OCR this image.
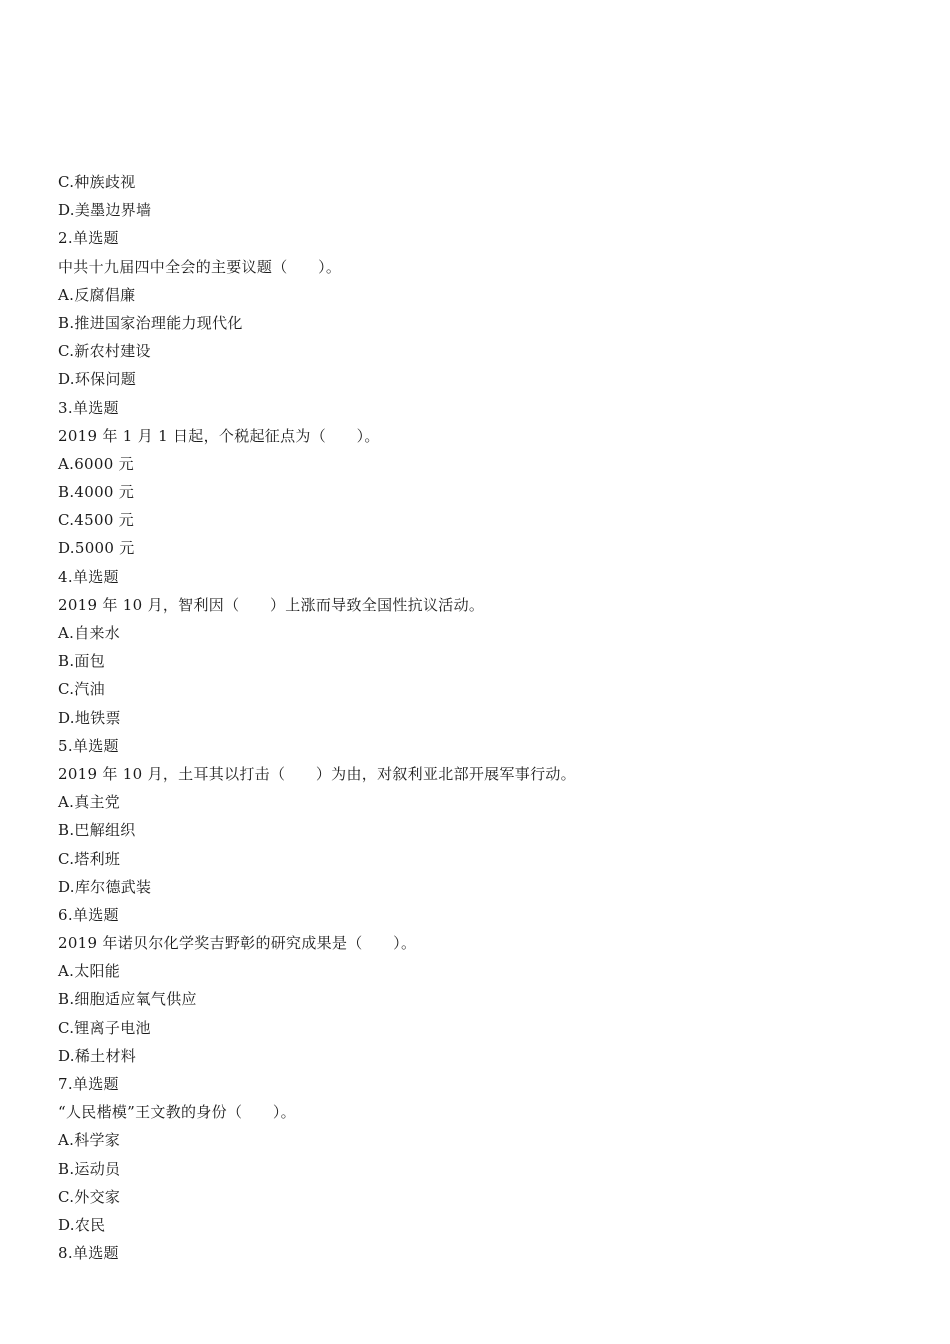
C.种族歧视
D.美墨边界墙
2.单选题
中共十九届四中全会的主要议题（　　）。
A.反腐倡廉
B.推进国家治理能力现代化
C.新农村建设
D.环保问题
3.单选题
2019 年 1 月 1 日起，个税起征点为（　　）。
A.6000 元
B.4000 元
C.4500 元
D.5000 元
4.单选题
2019 年 10 月，智利因（　　）上涨而导致全国性抗议活动。
A.自来水
B.面包
C.汽油
D.地铁票
5.单选题
2019 年 10 月，土耳其以打击（　　）为由，对叙利亚北部开展军事行动。
A.真主党
B.巴解组织
C.塔利班
D.库尔德武装
6.单选题
2019 年诺贝尔化学奖吉野彰的研究成果是（　　）。
A.太阳能
B.细胞适应氧气供应
C.锂离子电池
D.稀土材料
7.单选题
“人民楷模”王文教的身份（　　）。
A.科学家
B.运动员
C.外交家
D.农民
8.单选题
